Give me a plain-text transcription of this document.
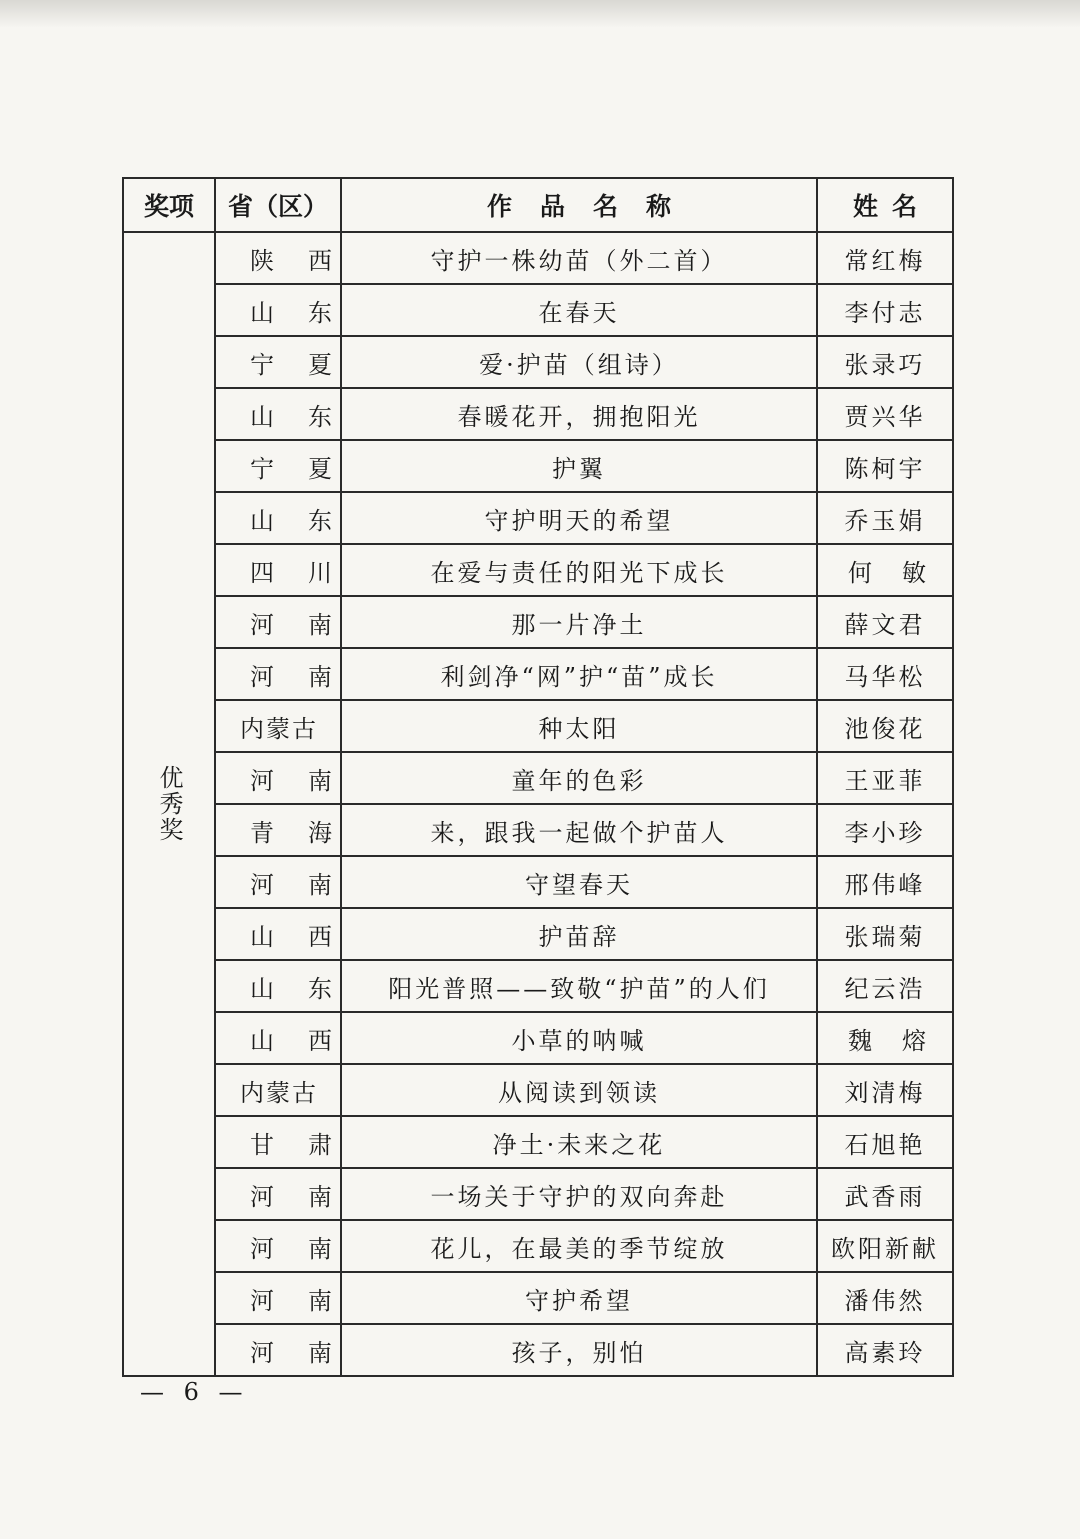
奖项	省（区）	作品名称	姓名
优秀奖	陕西	守护一株幼苗（外二首）	常红梅
	山东	在春天	李付志
	宁夏	爱·护苗（组诗）	张录巧
	山东	春暖花开，拥抱阳光	贾兴华
	宁夏	护翼	陈柯宇
	山东	守护明天的希望	乔玉娟
	四川	在爱与责任的阳光下成长	何敏
	河南	那一片净土	薛文君
	河南	利剑净“网”护“苗”成长	马华松
	内蒙古	种太阳	池俊花
	河南	童年的色彩	王亚菲
	青海	来，跟我一起做个护苗人	李小珍
	河南	守望春天	邢伟峰
	山西	护苗辞	张瑞菊
	山东	阳光普照——致敬“护苗”的人们	纪云浩
	山西	小草的呐喊	魏熔
	内蒙古	从阅读到领读	刘清梅
	甘肃	净土·未来之花	石旭艳
	河南	一场关于守护的双向奔赴	武香雨
	河南	花儿，在最美的季节绽放	欧阳新献
	河南	守护希望	潘伟然
	河南	孩子，别怕	高素玲
— 6 —
